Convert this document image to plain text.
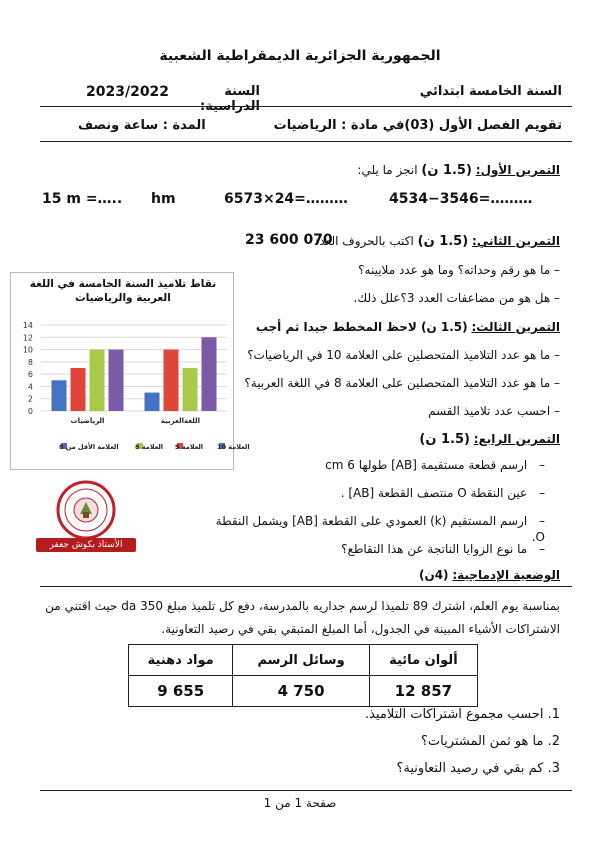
الجمهورية الجزائرية الديمقراطية الشعبية
السنة الخامسة ابتدائي
2023/2022	السنة الدراسية:
تقويم الفصل الأول (03)في مادة : الرياضيات
المدة : ساعة ونصف
التمرين الأول: (1.5 ن) انجز ما يلي:
4534−3546=………
6573×24=………
hm
15 m =…..
التمرين الثاني: (1.5 ن) اكتب بالحروف العدد
23 600 070
– ما هو رقم وحداته؟ وما هو عدد ملايينه؟
– هل هو من مضاعفات العدد 3؟علل ذلك.
التمرين الثالث: (1.5 ن) لاحظ المخطط جيدا ثم أجب
– ما هو عدد التلاميذ المتحصلين على العلامة 10 في الرياضيات؟
– ما هو عدد التلاميذ المتحصلين على العلامة 8 في اللغة العربية؟
– احسب عدد تلاميذ القسم
نقاط تلاميذ السنة الخامسة في اللغة العربية والرياضيات
0
2
4
6
8
10
12
14
الرياضيات	اللغةالعربية
العلامة 10
العلامة 9
العلامة 8
العلامة الأقل من 8
التمرين الرابع: (1.5 ن)
– ارسم قطعة مستقيمة [AB] طولها 6 cm
– عين النقطة O منتصف القطعة [AB] .
– ارسم المستقيم (k) العمودي على القطعة [AB] ويشمل النقطة O.
– ما نوع الزوايا الناتجة عن هذا التقاطع؟
الأستاذ بكوش جعفر
الوضعية الإدماجية: (4ن)
بمناسبة يوم العلم، اشترك 89 تلميذا لرسم جداريه بالمدرسة، دفع كل تلميذ مبلغ 350 da حيث اقتني من
الاشتراكات الأشياء المبينة في الجدول، أما المبلغ المتبقي بقي في رصيد التعاونية.
مواد دهنية	وسائل الرسم	ألوان مائية
9 655	4 750	12 857
1. احسب مجموع اشتراكات التلاميذ.
2. ما هو ثمن المشتريات؟
3. كم بقي في رصيد التعاونية؟
صفحة 1 من 1
